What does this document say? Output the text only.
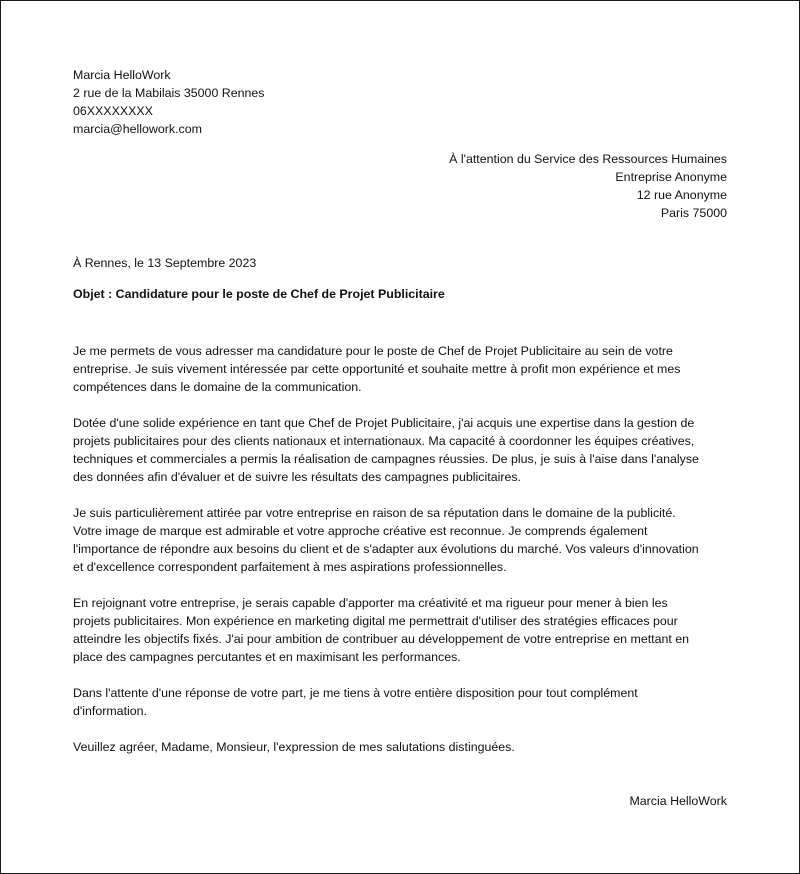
Marcia HelloWork
2 rue de la Mabilais 35000 Rennes
06XXXXXXXX
marcia@hellowork.com
À l'attention du Service des Ressources Humaines
Entreprise Anonyme
12 rue Anonyme
Paris 75000
À Rennes, le 13 Septembre 2023
Objet : Candidature pour le poste de Chef de Projet Publicitaire
Je me permets de vous adresser ma candidature pour le poste de Chef de Projet Publicitaire au sein de votre
entreprise. Je suis vivement intéressée par cette opportunité et souhaite mettre à profit mon expérience et mes
compétences dans le domaine de la communication.
Dotée d'une solide expérience en tant que Chef de Projet Publicitaire, j'ai acquis une expertise dans la gestion de
projets publicitaires pour des clients nationaux et internationaux. Ma capacité à coordonner les équipes créatives,
techniques et commerciales a permis la réalisation de campagnes réussies. De plus, je suis à l'aise dans l'analyse
des données afin d'évaluer et de suivre les résultats des campagnes publicitaires.
Je suis particulièrement attirée par votre entreprise en raison de sa réputation dans le domaine de la publicité.
Votre image de marque est admirable et votre approche créative est reconnue. Je comprends également
l'importance de répondre aux besoins du client et de s'adapter aux évolutions du marché. Vos valeurs d'innovation
et d'excellence correspondent parfaitement à mes aspirations professionnelles.
En rejoignant votre entreprise, je serais capable d'apporter ma créativité et ma rigueur pour mener à bien les
projets publicitaires. Mon expérience en marketing digital me permettrait d'utiliser des stratégies efficaces pour
atteindre les objectifs fixés. J'ai pour ambition de contribuer au développement de votre entreprise en mettant en
place des campagnes percutantes et en maximisant les performances.
Dans l'attente d'une réponse de votre part, je me tiens à votre entière disposition pour tout complément
d'information.
Veuillez agréer, Madame, Monsieur, l'expression de mes salutations distinguées.
Marcia HelloWork
